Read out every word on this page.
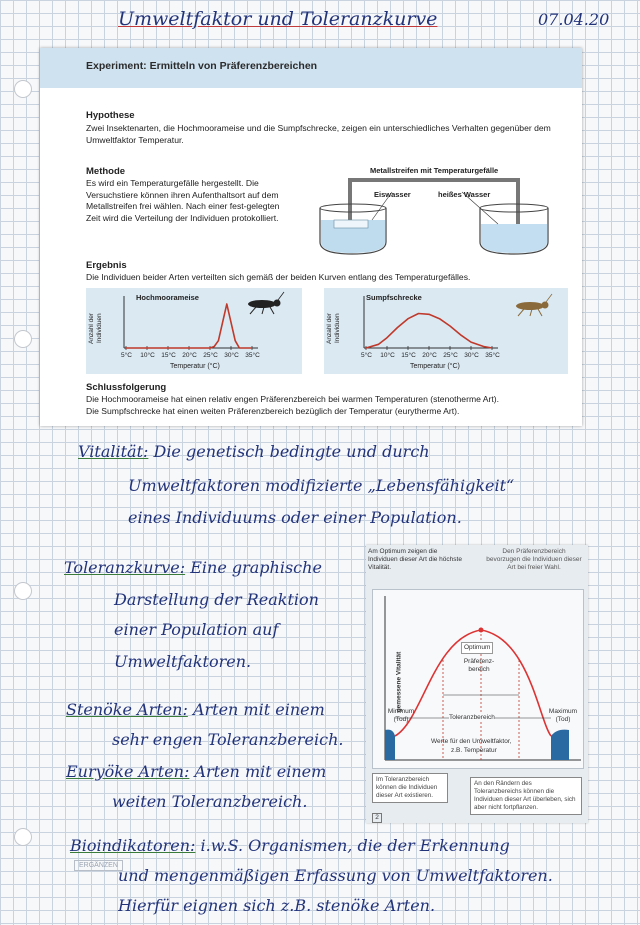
Umweltfaktor und Toleranzkurve	07.04.20
Experiment: Ermitteln von Präferenzbereichen
Hypothese
Zwei Insektenarten, die Hochmoorameise und die Sumpfschrecke, zeigen ein unterschiedliches Verhalten gegenüber dem Umweltfaktor Temperatur.
Methode
Es wird ein Temperaturgefälle hergestellt. Die Versuchstiere können ihren Aufenthaltsort auf dem Metallstreifen frei wählen. Nach einer fest-gelegten Zeit wird die Verteilung der Individuen protokolliert.
Metallstreifen mit Temperaturgefälle
Eiswasser	heißes Wasser
Ergebnis
Die Individuen beider Arten verteilten sich gemäß der beiden Kurven entlang des Temperaturgefälles.
Anzahl der Individuen
Hochmoorameise
5°C	10°C 15°C 20°C 25°C 30°C 35°C
Temperatur (°C)
Anzahl der Individuen
Sumpfschrecke
5°C	10°C 15°C 20°C 25°C 30°C 35°C
Temperatur (°C)
Schlussfolgerung
Die Hochmoorameise hat einen relativ engen Präferenzbereich bei warmen Temperaturen (stenotherme Art).
Die Sumpfschrecke hat einen weiten Präferenzbereich bezüglich der Temperatur (eurytherme Art).
Vitalität: Die genetisch bedingte und durch
Umweltfaktoren modifizierte „Lebensfähigkeit“
eines Individuums oder einer Population.
Toleranzkurve: Eine graphische
Darstellung der Reaktion
einer Population auf
Umweltfaktoren.
Stenöke Arten: Arten mit einem
sehr engen Toleranzbereich.
Euryöke Arten: Arten mit einem
weiten Toleranzbereich.
Am Optimum zeigen die Individuen dieser Art die höchste Vitalität.
Den Präferenzbereich bevorzugen die Individuen dieser Art bei freier Wahl.
Optimum
Präferenz-bereich
Minimum (Tod)
Maximum (Tod)
Toleranzbereich
gemessene Vitalität
Werte für den Umweltfaktor,
z.B. Temperatur
Im Toleranzbereich können die Individuen dieser Art existieren.
An den Rändern des Toleranzbereichs können die Individuen dieser Art überleben, sich aber nicht fortpflanzen.
2
Bioindikatoren: i.w.S. Organismen, die der Erkennung
ERGÄNZEN
und mengenmäßigen Erfassung von Umweltfaktoren.
Hierfür eignen sich z.B. stenöke Arten.
